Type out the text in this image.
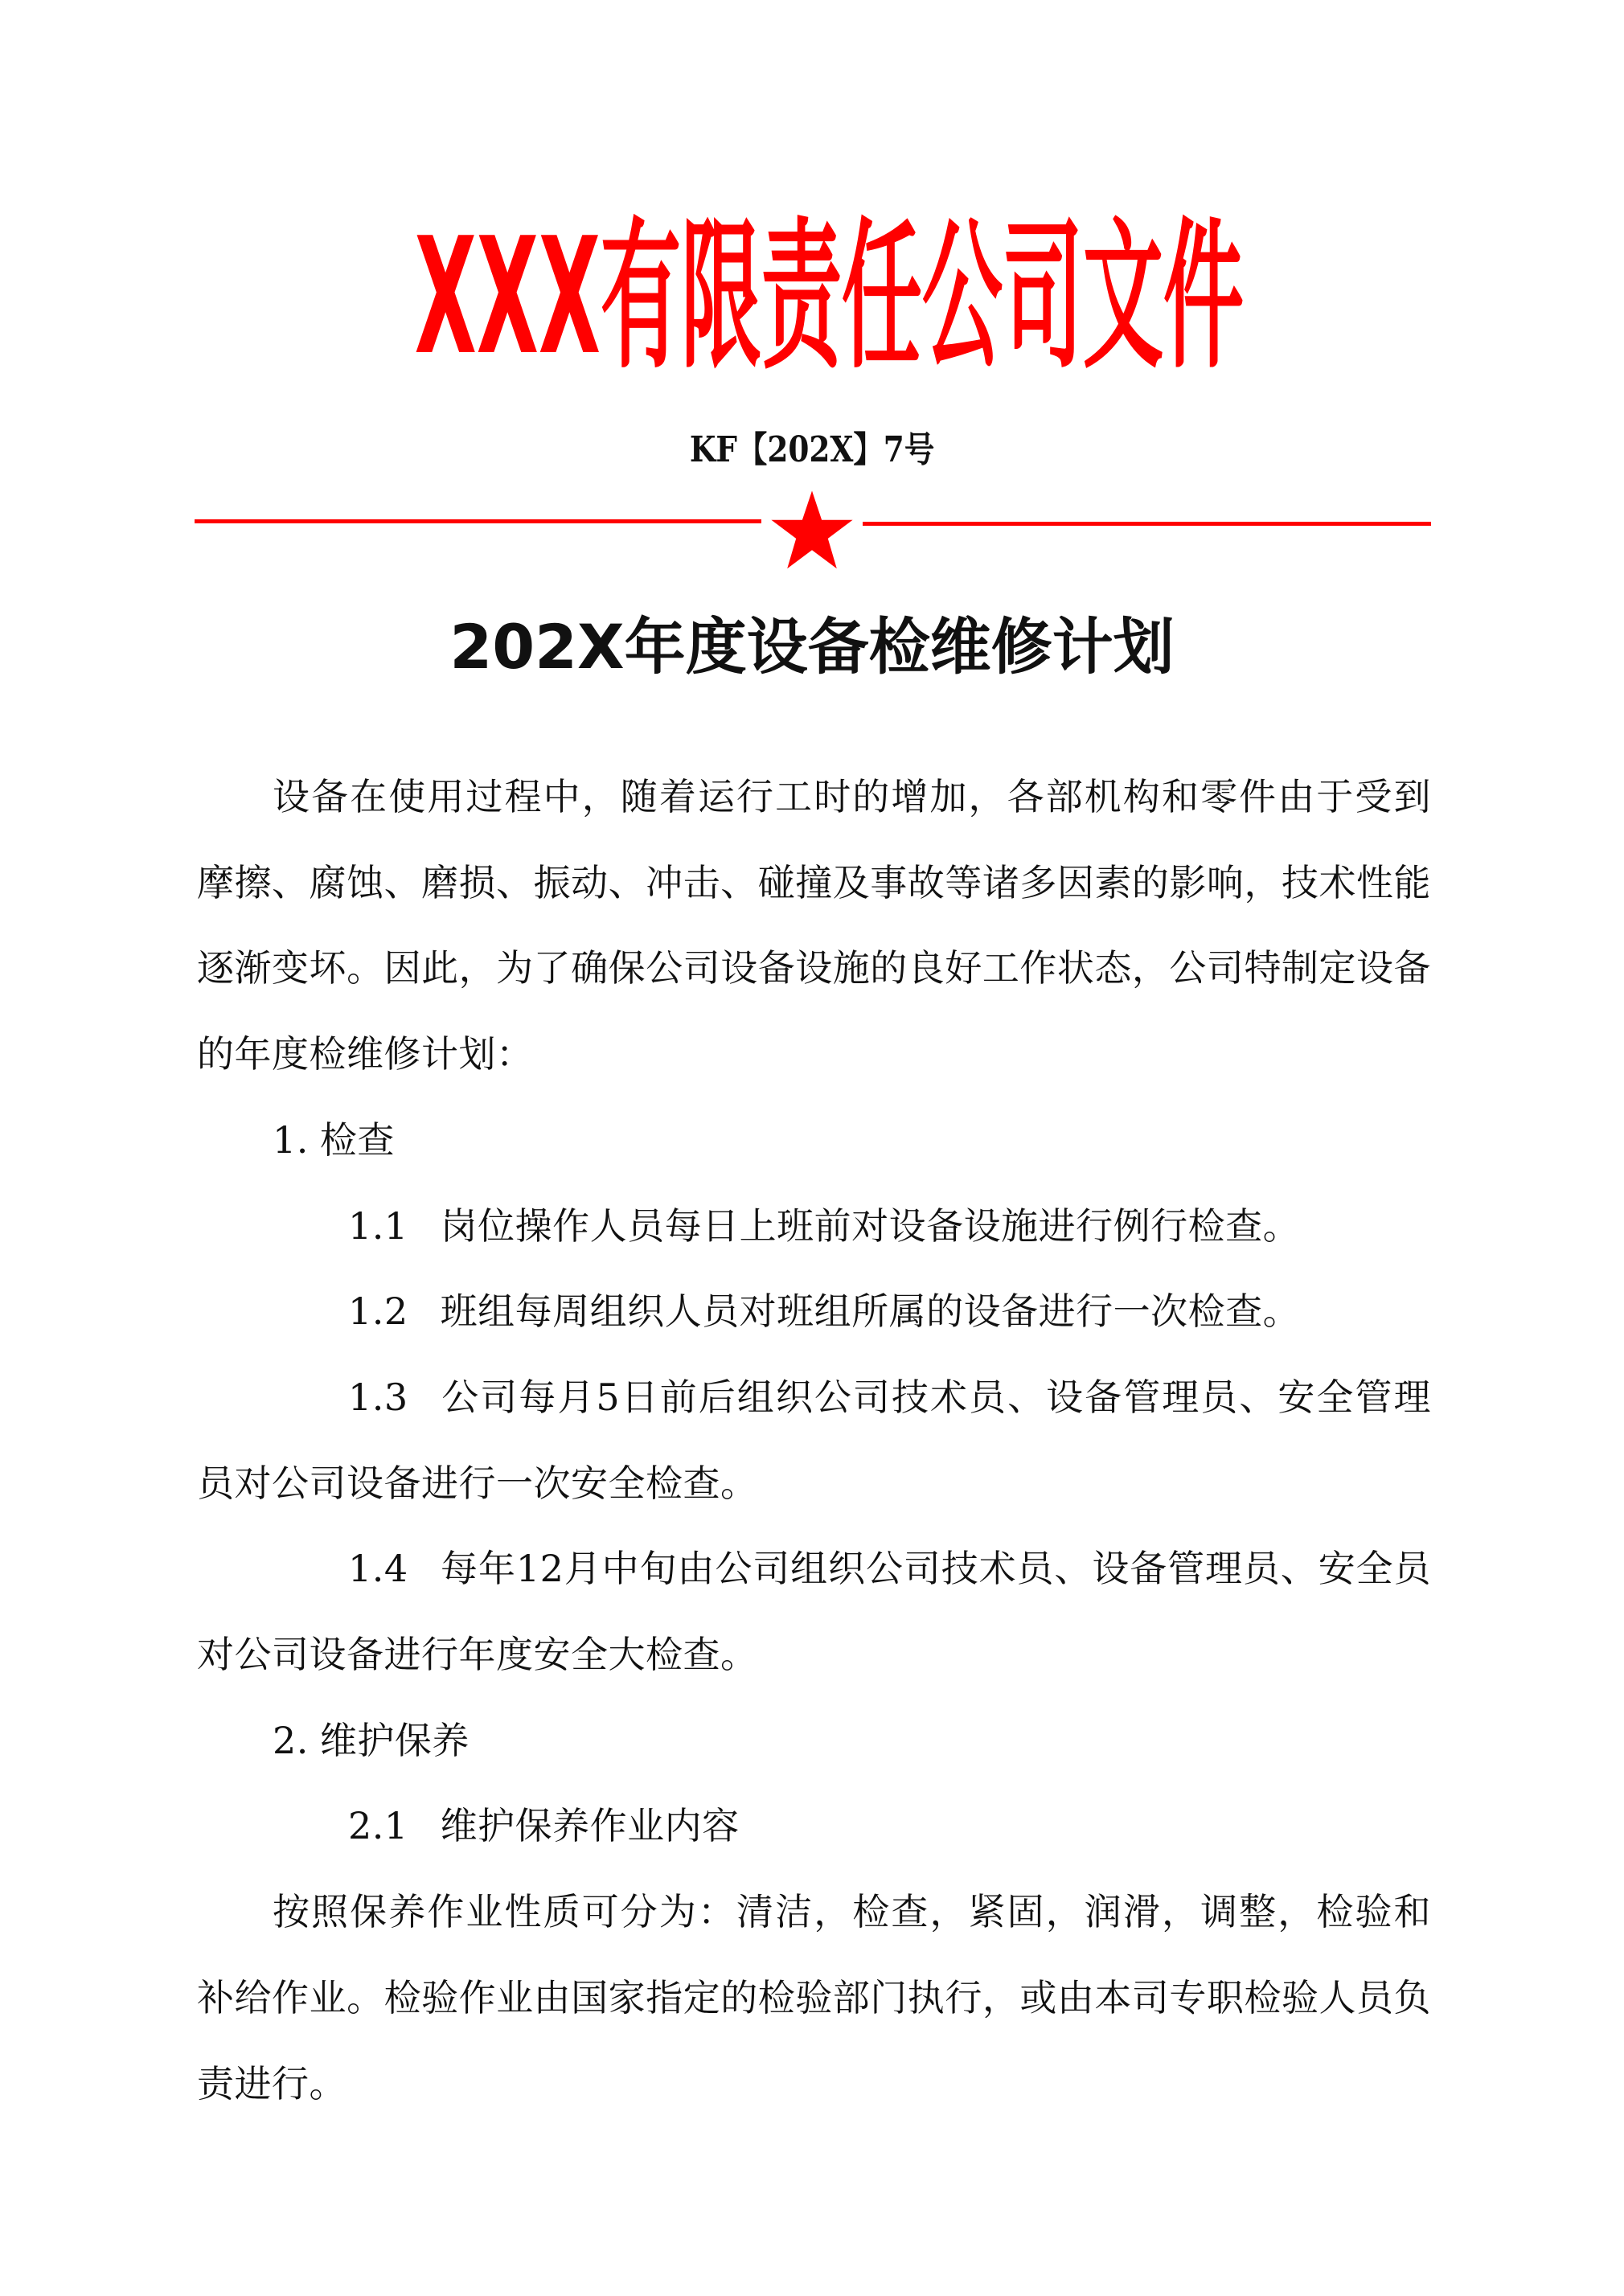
XXX有限责任公司文件
KF【202X】7号
202X年度设备检维修计划

设备在使用过程中，随着运行工时的增加，各部机构和零件由于受到摩擦、腐蚀、磨损、振动、冲击、碰撞及事故等诸多因素的影响，技术性能逐渐变坏。因此，为了确保公司设备设施的良好工作状态，公司特制定设备的年度检维修计划：

1. 检查

1.1 岗位操作人员每日上班前对设备设施进行例行检查。

1.2 班组每周组织人员对班组所属的设备进行一次检查。

1.3 公司每月5日前后组织公司技术员、设备管理员、安全管理员对公司设备进行一次安全检查。

1.4 每年12月中旬由公司组织公司技术员、设备管理员、安全员对公司设备进行年度安全大检查。

2. 维护保养

2.1 维护保养作业内容

按照保养作业性质可分为：清洁，检查，紧固，润滑，调整，检验和补给作业。检验作业由国家指定的检验部门执行，或由本司专职检验人员负责进行。
